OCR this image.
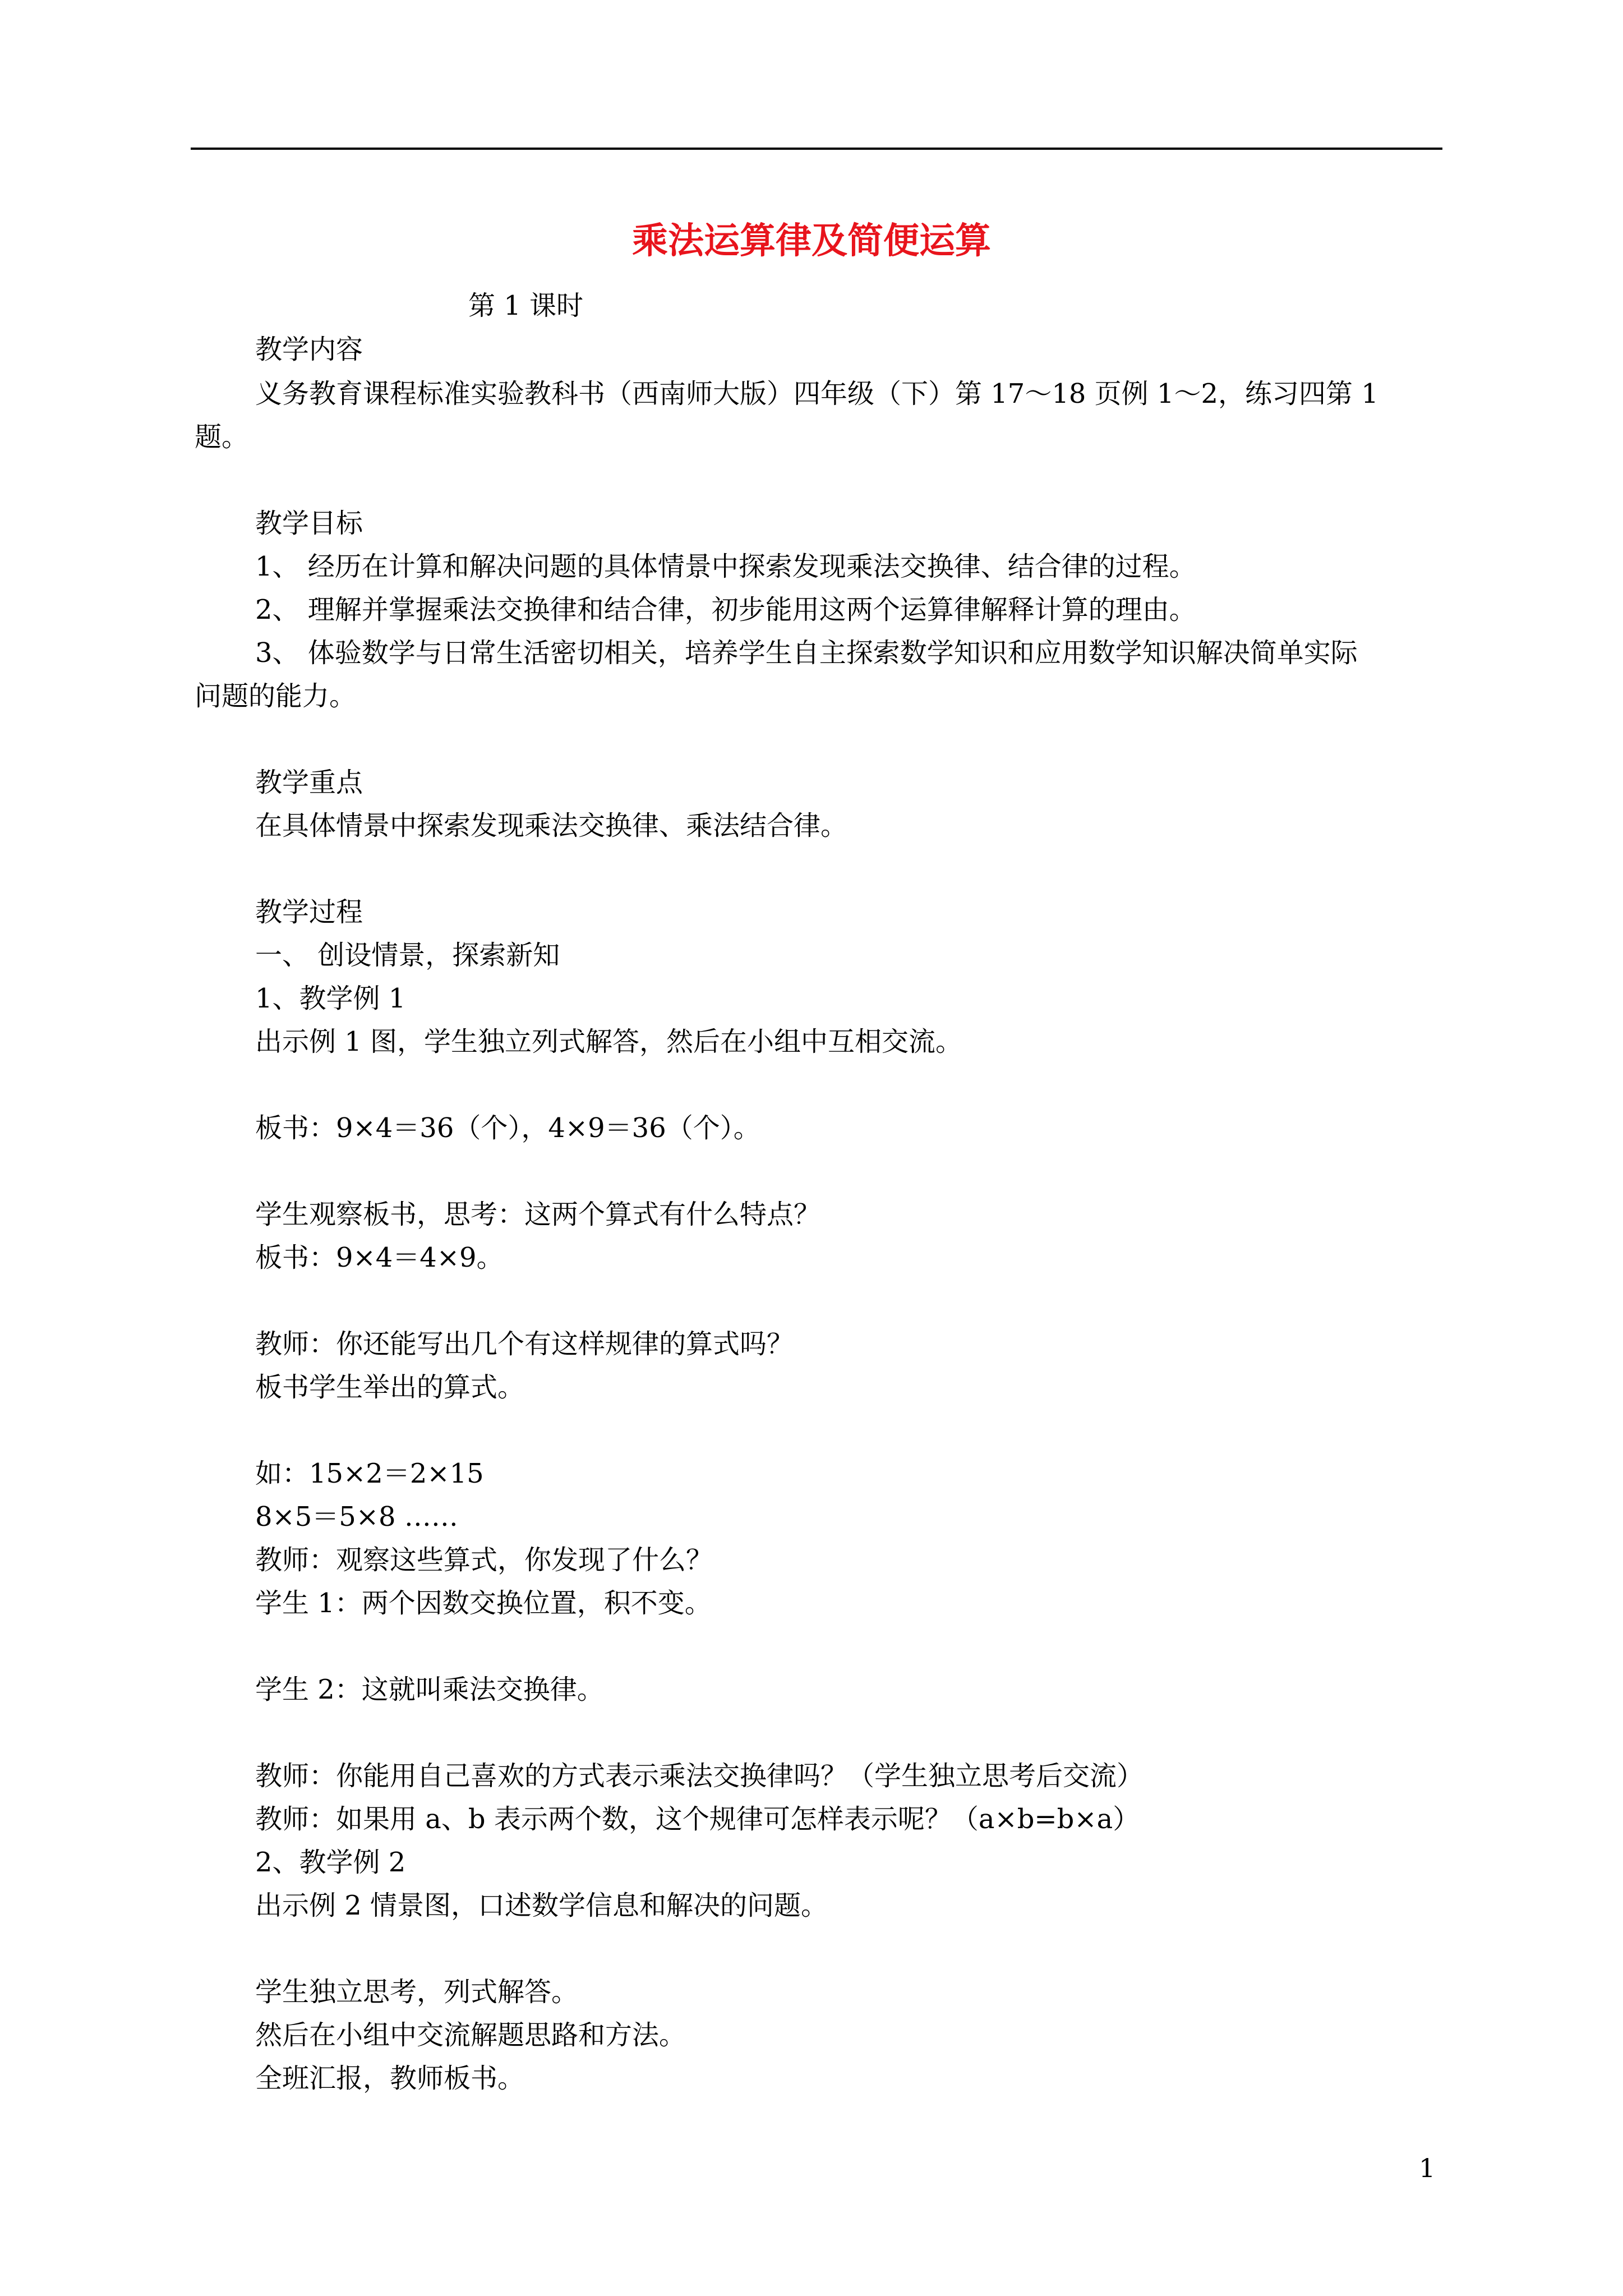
乘法运算律及简便运算
第 1 课时
教学内容
义务教育课程标准实验教科书（西南师大版）四年级（下）第 17～18 页例 1～2，练习四第 1
题。
教学目标
1、 经历在计算和解决问题的具体情景中探索发现乘法交换律、结合律的过程。
2、 理解并掌握乘法交换律和结合律，初步能用这两个运算律解释计算的理由。
3、 体验数学与日常生活密切相关，培养学生自主探索数学知识和应用数学知识解决简单实际
问题的能力。
教学重点
在具体情景中探索发现乘法交换律、乘法结合律。
教学过程
一、 创设情景，探索新知
1、教学例 1
出示例 1 图，学生独立列式解答，然后在小组中互相交流。
板书：9×4＝36（个），4×9＝36（个）。
学生观察板书，思考：这两个算式有什么特点？
板书：9×4＝4×9。
教师：你还能写出几个有这样规律的算式吗？
板书学生举出的算式。
如：15×2＝2×15
8×5＝5×8 ……
教师：观察这些算式，你发现了什么？
学生 1：两个因数交换位置，积不变。
学生 2：这就叫乘法交换律。
教师：你能用自己喜欢的方式表示乘法交换律吗？（学生独立思考后交流）
教师：如果用 a、b 表示两个数，这个规律可怎样表示呢？（a×b=b×a）
2、教学例 2
出示例 2 情景图，口述数学信息和解决的问题。
学生独立思考，列式解答。
然后在小组中交流解题思路和方法。
全班汇报，教师板书。
1
